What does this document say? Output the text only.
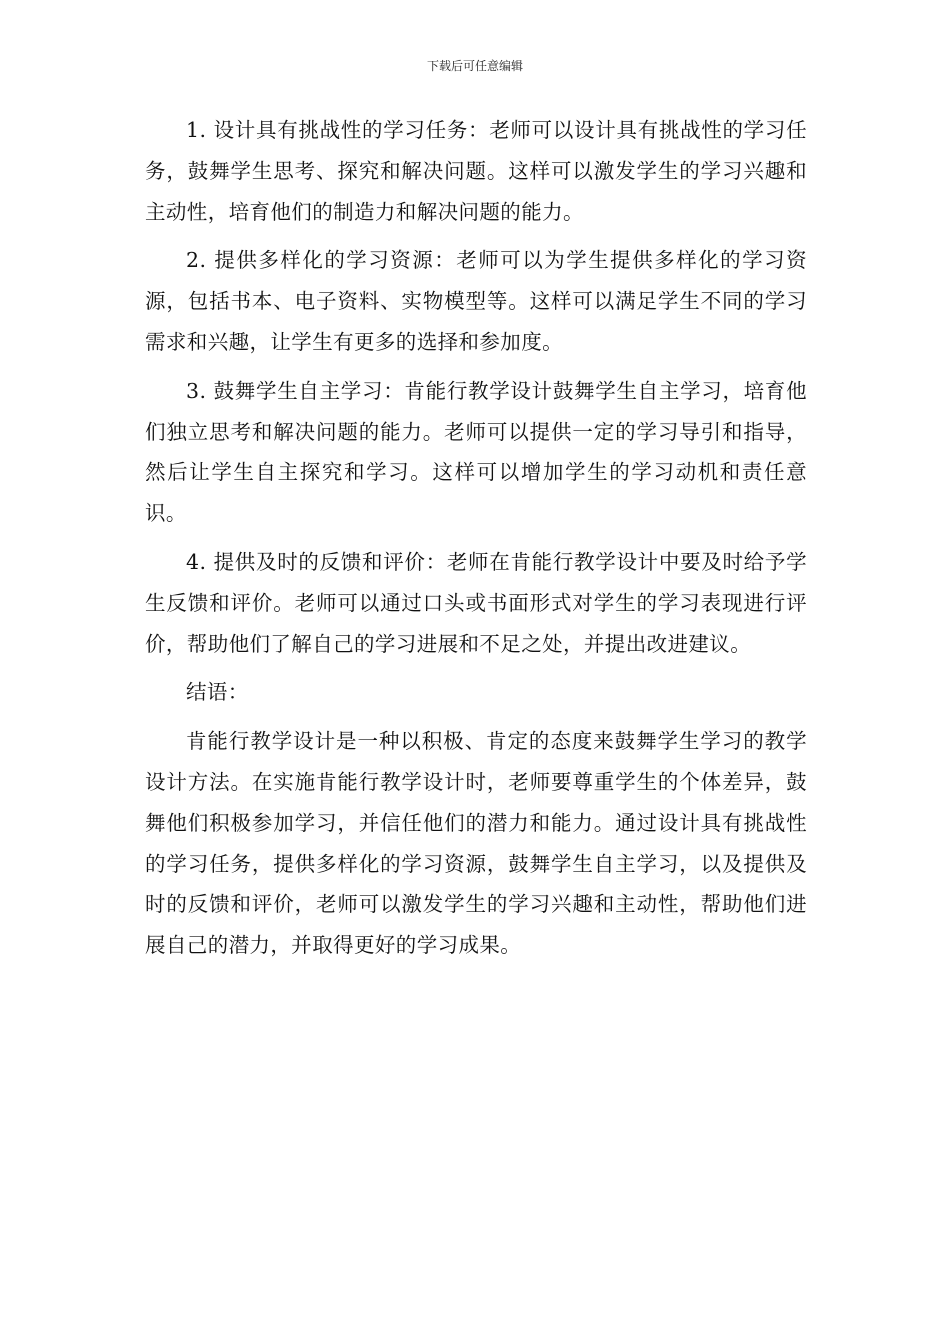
下载后可任意编辑

1. 设计具有挑战性的学习任务：老师可以设计具有挑战性的学习任务，鼓舞学生思考、探究和解决问题。这样可以激发学生的学习兴趣和主动性，培育他们的制造力和解决问题的能力。

2. 提供多样化的学习资源：老师可以为学生提供多样化的学习资源，包括书本、电子资料、实物模型等。这样可以满足学生不同的学习需求和兴趣，让学生有更多的选择和参加度。

3. 鼓舞学生自主学习：肯能行教学设计鼓舞学生自主学习，培育他们独立思考和解决问题的能力。老师可以提供一定的学习导引和指导，然后让学生自主探究和学习。这样可以增加学生的学习动机和责任意识。

4. 提供及时的反馈和评价：老师在肯能行教学设计中要及时给予学生反馈和评价。老师可以通过口头或书面形式对学生的学习表现进行评价，帮助他们了解自己的学习进展和不足之处，并提出改进建议。

结语：

肯能行教学设计是一种以积极、肯定的态度来鼓舞学生学习的教学设计方法。在实施肯能行教学设计时，老师要尊重学生的个体差异，鼓舞他们积极参加学习，并信任他们的潜力和能力。通过设计具有挑战性的学习任务，提供多样化的学习资源，鼓舞学生自主学习，以及提供及时的反馈和评价，老师可以激发学生的学习兴趣和主动性，帮助他们进展自己的潜力，并取得更好的学习成果。
